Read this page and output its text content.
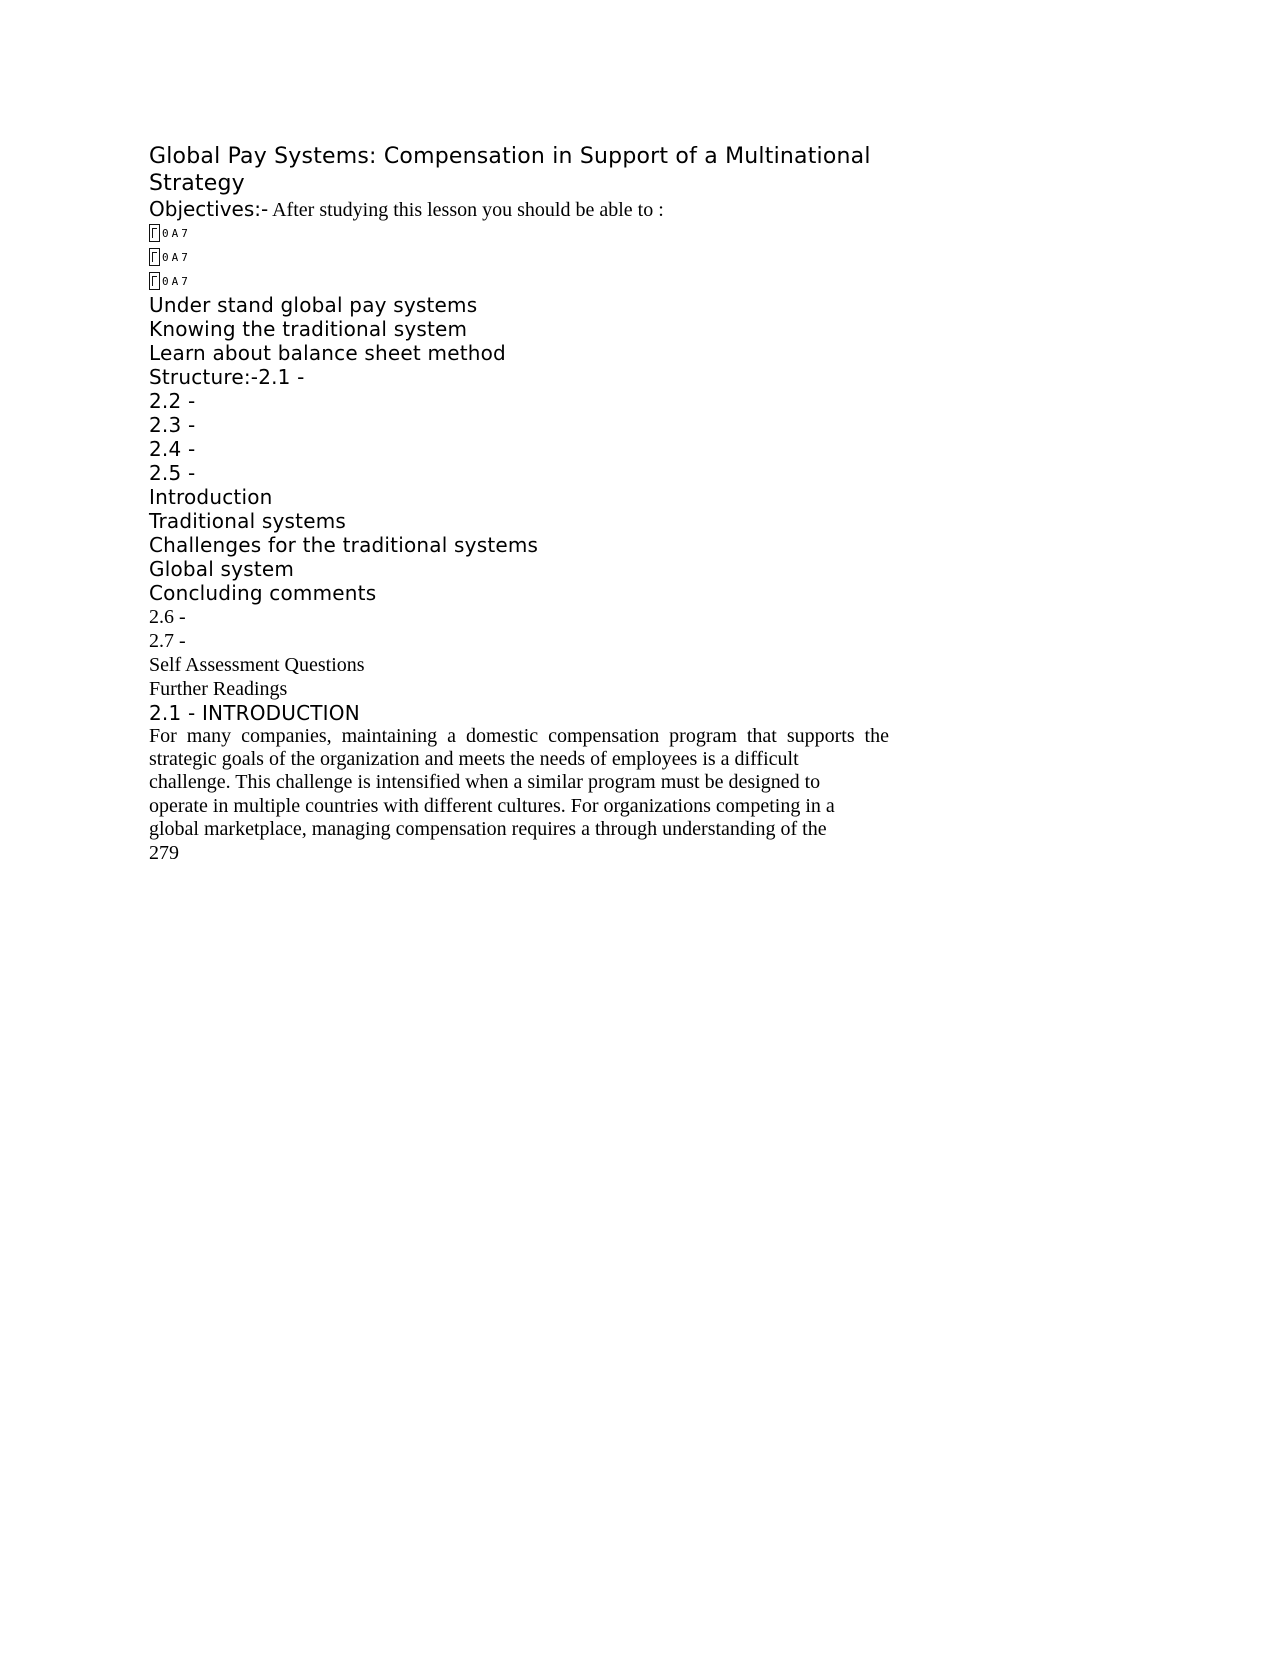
Global Pay Systems: Compensation in Support of a Multinational
Strategy
Objectives:- After studying this lesson you should be able to :
0A7
0A7
0A7
Under stand global pay systems
Knowing the traditional system
Learn about balance sheet method
Structure:-2.1 -
2.2 -
2.3 -
2.4 -
2.5 -
Introduction
Traditional systems
Challenges for the traditional systems
Global system
Concluding comments
2.6 -
2.7 -
Self Assessment Questions
Further Readings
2.1 - INTRODUCTION
For many companies, maintaining a domestic compensation program that supports the
strategic goals of the organization and meets the needs of employees is a difficult
challenge. This challenge is intensified when a similar program must be designed to
operate in multiple countries with different cultures. For organizations competing in a
global marketplace, managing compensation requires a through understanding of the
279
